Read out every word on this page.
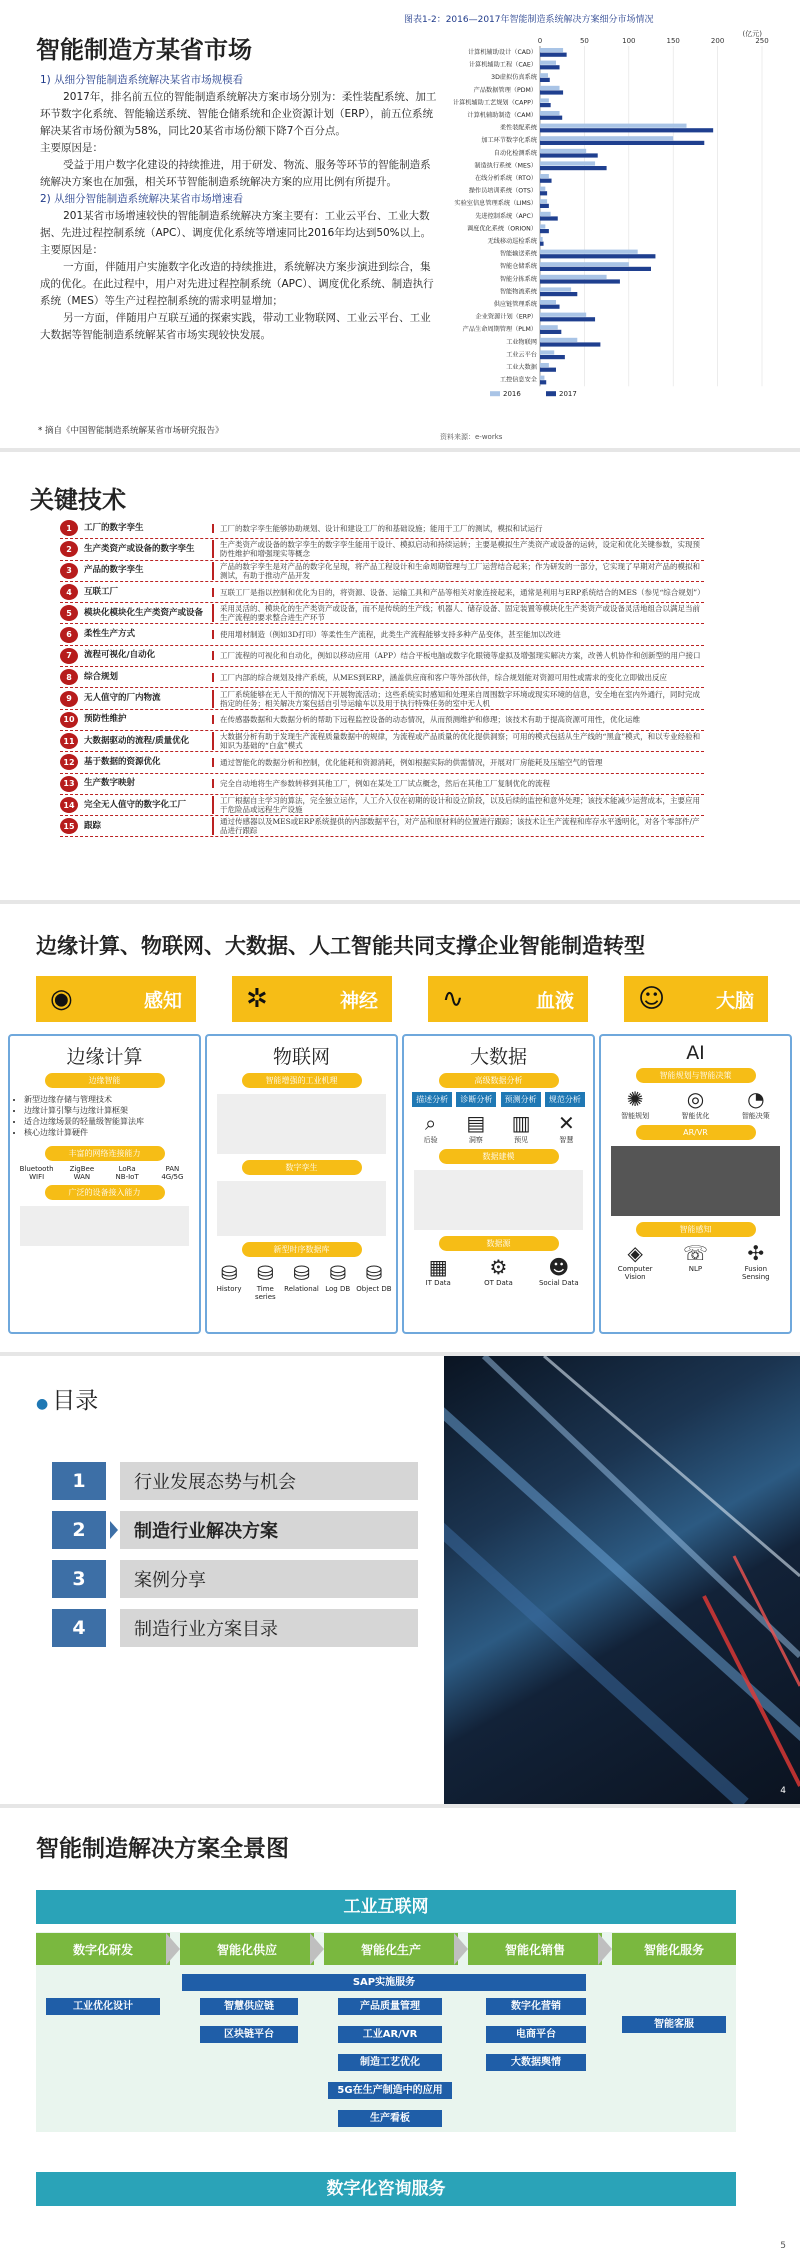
智能制造方某省市场

1) 从细分智能制造系统解决某省市场规模看

2017年，排名前五位的智能制造系统解决方案市场分别为：柔性装配系统、加工环节数字化系统、智能输送系统、智能仓储系统和企业资源计划（ERP），前五位系统解决某省市场份额为58%，同比20某省市场份额下降7个百分点。

主要原因是：

受益于用户数字化建设的持续推进，用于研发、物流、服务等环节的智能制造系统解决方案也在加强，相关环节智能制造系统解决方案的应用比例有所提升。

2) 从细分智能制造系统解决某省市场增速看

201某省市场增速较快的智能制造系统解决方案主要有：工业云平台、工业大数据、先进过程控制系统（APC）、调度优化系统等增速同比2016年均达到50%以上。

主要原因是：

一方面，伴随用户实施数字化改造的持续推进，系统解决方案步演进到综合，集成的优化。在此过程中，用户对先进过程控制系统（APC）、调度优化系统、制造执行系统（MES）等生产过程控制系统的需求明显增加；

另一方面，伴随用户互联互通的探索实践，带动工业物联网、工业云平台、工业大数据等智能制造系统解某省市场实现较快发展。

* 摘自《中国智能制造系统解某省市场研究报告》
图表1-2：2016—2017年智能制造系统解决方案细分市场情况
(亿元)
0	50	100	150	200	250
计算机辅助设计（CAD）
计算机辅助工程（CAE）
3D虚拟仿真系统
产品数据管理（PDM）
计算机辅助工艺规划（CAPP）
计算机辅助制造（CAM）
柔性装配系统
加工环节数字化系统
自动化检测系统
制造执行系统（MES）
在线分析系统（RTO）
操作员培训系统（OTS）
实验室信息管理系统（LIMS）
先进控制系统（APC）
调度优化系统（ORION）
无线移动巡检系统
智能输送系统
智能仓储系统
智能分拣系统
智能物流系统
供应链管理系统
企业资源计划（ERP）
产品生命周期管理（PLM）
工业物联网
工业云平台
工业大数据
工控信息安全
2016	2017
资料来源：e-works
关键技术
1	工厂的数字孪生	工厂的数字孪生能够协助规划、设计和建设工厂的和基础设施；能用于工厂的测试，模拟和试运行
2	生产类资产或设备的数字孪生	生产类资产或设备的数字孪生的数字孪生能用于设计、模拟启动和持续运转；主要是模拟生产类资产或设备的运转，设定和优化关键参数，实现预防性维护和增强现实等概念
3	产品的数字孪生	产品的数字孪生是对产品的数字化呈现，将产品工程设计和生命周期管理与工厂运营结合起来；作为研发的一部分，它实现了早期对产品的模拟和测试，有助于推动产品开发
4	互联工厂	互联工厂是指以控制和优化为目的，将资源、设备、运输工具和产品等相关对象连接起来，通常是利用与ERP系统结合的MES（参见“综合规划”）
5	模块化模块化生产类资产或设备	采用灵活的、模块化的生产类资产或设备，而不是传统的生产线；机器人、储存设备、固定装置等模块化生产类资产或设备灵活地组合以满足当前生产流程的要求整合进生产环节
6	柔性生产方式	使用增材制造（例如3D打印）等柔性生产流程，此类生产流程能够支持多种产品变体，甚至能加以改进
7	流程可视化/自动化	工厂流程的可视化和自动化，例如以移动应用（APP）结合平板电脑或数字化眼镜等虚拟及增强现实解决方案，改善人机协作和创新型的用户接口
8	综合规划	工厂内部的综合规划及排产系统，从MES到ERP，涵盖供应商和客户等外部伙伴，综合规划能对资源可用性或需求的变化立即做出反应
9	无人值守的厂内物流	工厂系统能够在无人干预的情况下开展物流活动；这些系统实时感知和处理来自周围数字环境或现实环境的信息，安全地在室内外通行，同时完成指定的任务；相关解决方案包括自引导运输车以及用于执行特殊任务的室中无人机
10	预防性维护	在传感器数据和大数据分析的帮助下远程监控设备的动态情况，从而预测维护和修理；该技术有助于提高资源可用性，优化运维
11	大数据驱动的流程/质量优化	大数据分析有助于发现生产流程质量数据中的规律，为流程或产品质量的优化提供洞察；可用的模式包括从生产线的“黑盒”模式，和以专业经验和知识为基础的“白盒”模式
12	基于数据的资源优化	通过智能化的数据分析和控制，优化能耗和资源消耗，例如根据实际的供需情况，开展对厂房能耗及压缩空气的管理
13	生产数字映射	完全自动地将生产参数转移到其他工厂，例如在某处工厂试点概念，然后在其他工厂复制优化的流程
14	完全无人值守的数字化工厂	工厂根据自主学习的算法，完全独立运作，人工介入仅在初期的设计和设立阶段，以及后续的监控和意外处理；该技术能减少运营成本，主要应用于危险品或远程生产设施
15	跟踪	通过传感器以及MES或ERP系统提供的内部数据平台，对产品和原材料的位置进行跟踪；该技术让生产流程和库存水平透明化，对各个零部件/产品进行跟踪
边缘计算、物联网、大数据、人工智能共同支撑企业智能制造转型
◉	感知 ✲	神经 ∿	血液 ☺	大脑
边缘计算
边缘智能
• 新型边缘存储与管理技术
• 边缘计算引擎与边缘计算框架
• 适合边缘场景的轻量级智能算法库
• 核心边缘计算硬件
丰富的网络连接能力
Bluetooth	ZigBee	LoRa	PAN
WIFI	WAN	NB-IoT	4G/5G
广泛的设备接入能力
物联网
智能增强的工业机理
数字孪生
新型时序数据库
⛁
History
⛁
Time series
⛁
Relational
⛁
Log DB
⛁
Object DB
大数据
高级数据分析
描述分析	诊断分析	预测分析	规范分析
⌕
后验
▤
洞察
▥
预见
✕
智慧
数据建模
数据源
▦
IT Data
⚙
OT Data
☻
Social Data
AI
智能规划与智能决策
✺
智能规划
◎
智能优化
◔
智能决策
AR/VR
智能感知
◈
Computer Vision
☏
NLP
✣
Fusion Sensing
● 目录
1	行业发展态势与机会
2	制造行业解决方案
3	案例分享
4	制造行业方案目录
4
智能制造解决方案全景图
工业互联网
数字化研发	智能化供应	智能化生产	智能化销售	智能化服务
SAP实施服务
工业优化设计	智慧供应链
区块链平台
产品质量管理
工业AR/VR
制造工艺优化
5G在生产制造中的应用
生产看板
数字化营销
电商平台
大数据舆情
智能客服
数字化咨询服务
5
